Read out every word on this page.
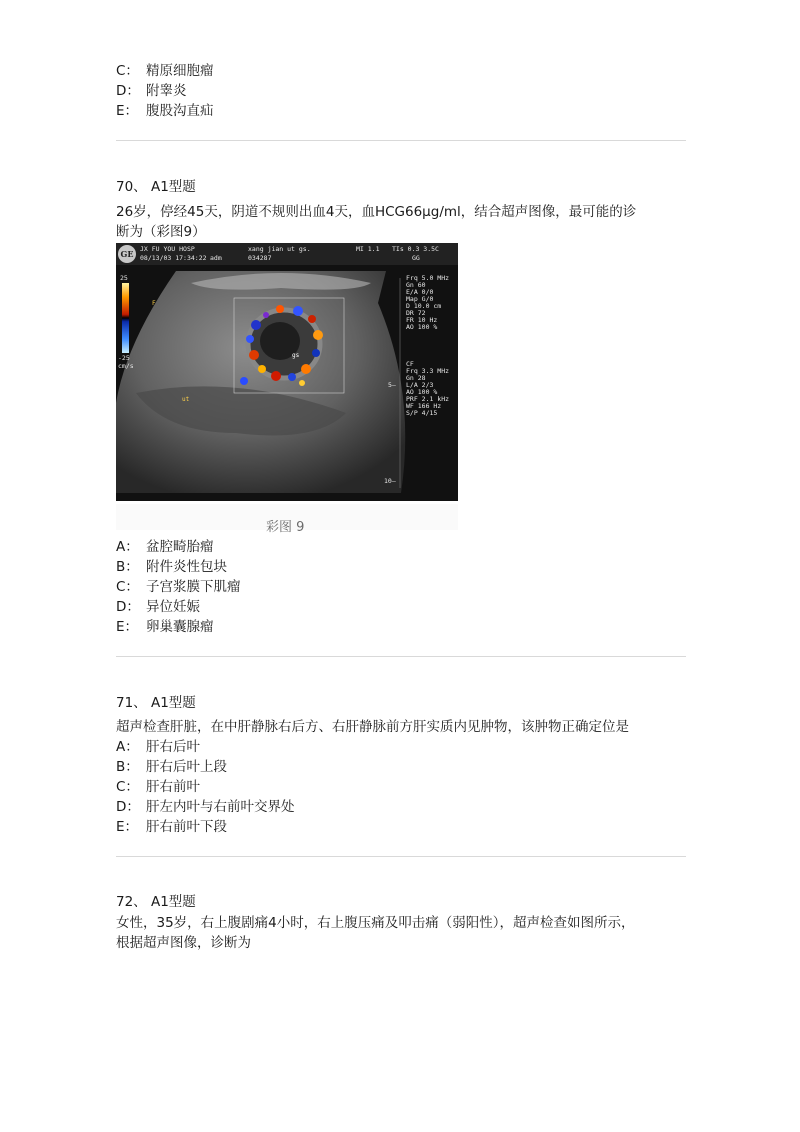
C： 精原细胞瘤
D： 附睾炎
E： 腹股沟直疝
70、 A1型题
26岁，停经45天，阴道不规则出血4天，血HCG66μg/ml，结合超声图像，最可能的诊
断为（彩图9）
GE	JX FU YOU HOSP
08/13/03 17:34:22 adm
xang jian ut gs.
034287
MI 1.1 TIs 0.3 3.5C
GG
gs
F
ut
25
-25
cm/s
5—
10—
Frq 5.0 MHz
Gn 60
E/A 0/0
Map G/0
D 10.0 cm
DR 72
FR 10 Hz
AO 100 %
CF
Frq 3.3 MHz
Gn 28
L/A 2/3
AO 100 %
PRF 2.1 kHz
WF 166 Hz
S/P 4/15
彩图 9
A： 盆腔畸胎瘤
B： 附件炎性包块
C： 子宫浆膜下肌瘤
D： 异位妊娠
E： 卵巢囊腺瘤
71、 A1型题
超声检查肝脏，在中肝静脉右后方、右肝静脉前方肝实质内见肿物，该肿物正确定位是
A： 肝右后叶
B： 肝右后叶上段
C： 肝右前叶
D： 肝左内叶与右前叶交界处
E： 肝右前叶下段
72、 A1型题
女性，35岁，右上腹剧痛4小时，右上腹压痛及叩击痛（弱阳性），超声检查如图所示，
根据超声图像，诊断为
